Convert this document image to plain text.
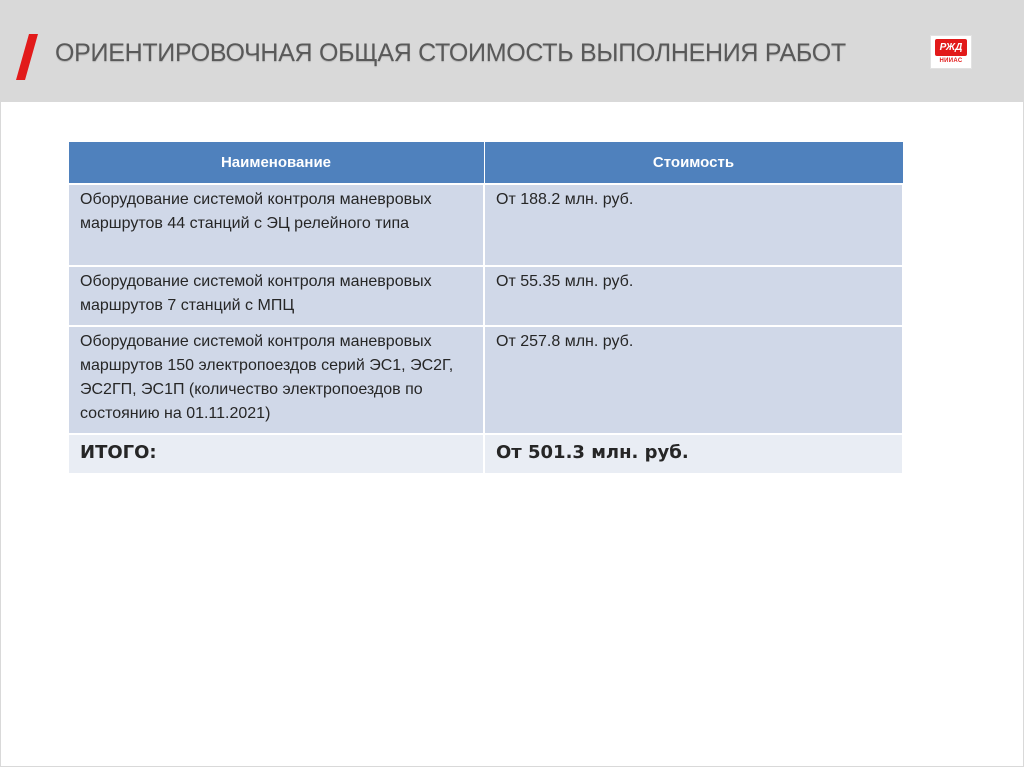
ОРИЕНТИРОВОЧНАЯ ОБЩАЯ СТОИМОСТЬ ВЫПОЛНЕНИЯ РАБОТ	РЖД
НИИАС
Наименование	Стоимость
Оборудование системой контроля маневровых маршрутов 44 станций с ЭЦ релейного типа	От 188.2 млн. руб.
Оборудование системой контроля маневровых маршрутов 7 станций с МПЦ	От 55.35 млн. руб.
Оборудование системой контроля маневровых маршрутов 150 электропоездов серий ЭС1, ЭС2Г, ЭС2ГП, ЭС1П (количество электропоездов по состоянию на 01.11.2021)	От 257.8 млн. руб.
ИТОГО:	От 501.3 млн. руб.
